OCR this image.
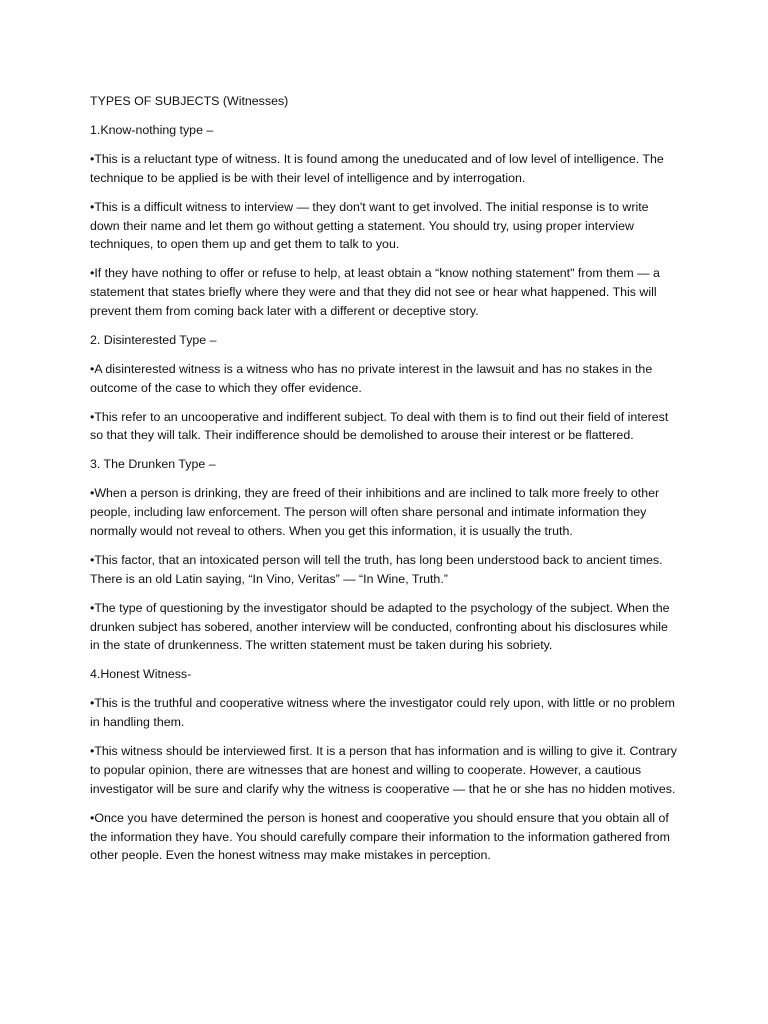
TYPES OF SUBJECTS (Witnesses)

1.Know-nothing type –

•This is a reluctant type of witness. It is found among the uneducated and of low level of intelligence. The technique to be applied is be with their level of intelligence and by interrogation.

•This is a difficult witness to interview — they don't want to get involved. The initial response is to write down their name and let them go without getting a statement. You should try, using proper interview techniques, to open them up and get them to talk to you.

•If they have nothing to offer or refuse to help, at least obtain a “know nothing statement" from them — a statement that states briefly where they were and that they did not see or hear what happened. This will prevent them from coming back later with a different or deceptive story.

2. Disinterested Type –

•A disinterested witness is a witness who has no private interest in the lawsuit and has no stakes in the outcome of the case to which they offer evidence.

•This refer to an uncooperative and indifferent subject. To deal with them is to find out their field of interest so that they will talk. Their indifference should be demolished to arouse their interest or be flattered.

3. The Drunken Type –

•When a person is drinking, they are freed of their inhibitions and are inclined to talk more freely to other people, including law enforcement. The person will often share personal and intimate information they normally would not reveal to others. When you get this information, it is usually the truth.

•This factor, that an intoxicated person will tell the truth, has long been understood back to ancient times. There is an old Latin saying, “In Vino, Veritas” — “In Wine, Truth.”

•The type of questioning by the investigator should be adapted to the psychology of the subject. When the drunken subject has sobered, another interview will be conducted, confronting about his disclosures while in the state of drunkenness. The written statement must be taken during his sobriety.

4.Honest Witness-

•This is the truthful and cooperative witness where the investigator could rely upon, with little or no problem in handling them.

•This witness should be interviewed first. It is a person that has information and is willing to give it. Contrary to popular opinion, there are witnesses that are honest and willing to cooperate. However, a cautious investigator will be sure and clarify why the witness is cooperative — that he or she has no hidden motives.

•Once you have determined the person is honest and cooperative you should ensure that you obtain all of the information they have. You should carefully compare their information to the information gathered from other people. Even the honest witness may make mistakes in perception.
